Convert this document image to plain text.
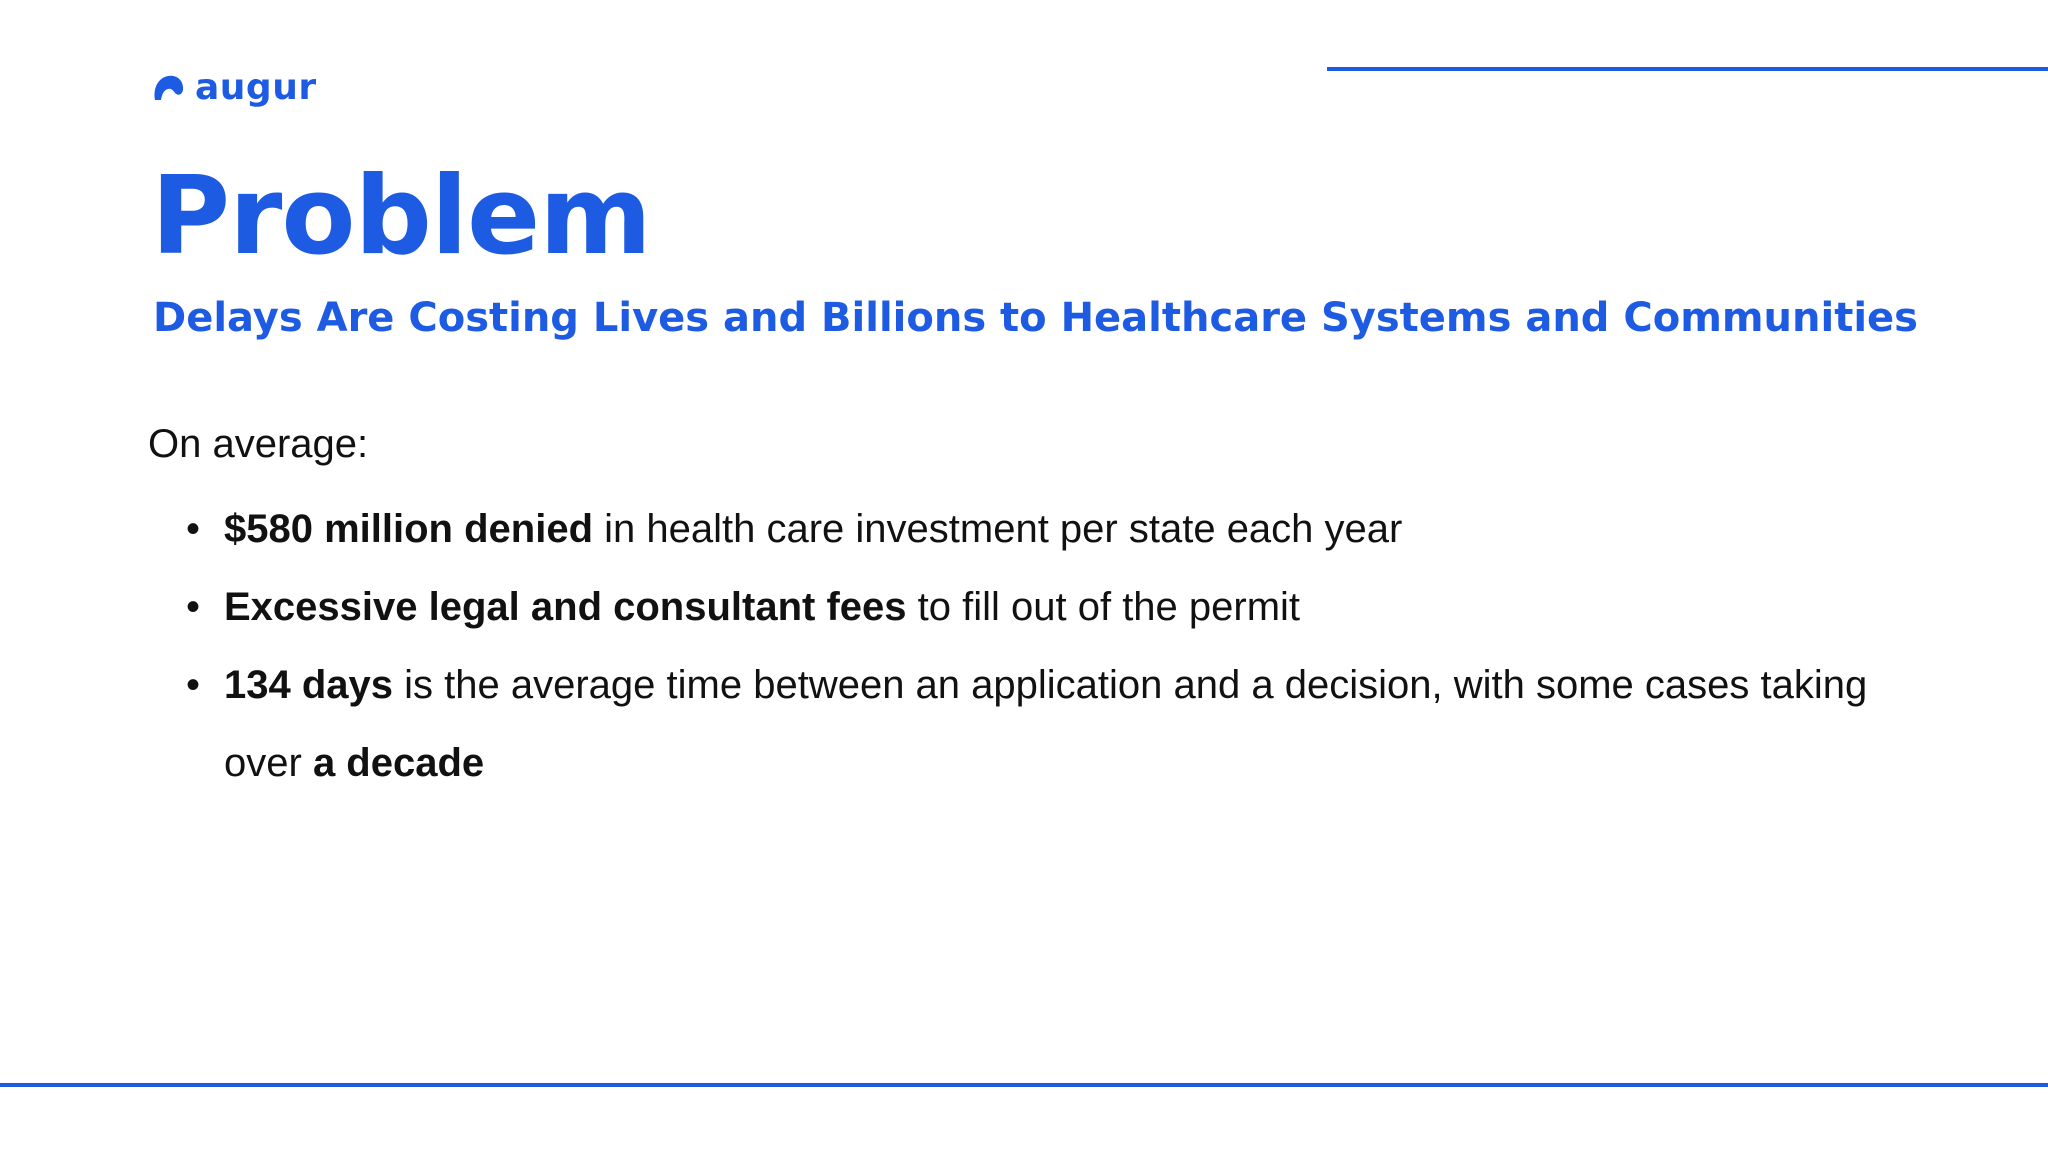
augur
Problem
Delays Are Costing Lives and Billions to Healthcare Systems and Communities
On average:
• $580 million denied in health care investment per state each year
• Excessive legal and consultant fees to fill out of the permit
• 134 days is the average time between an application and a decision, with some cases taking over a decade
